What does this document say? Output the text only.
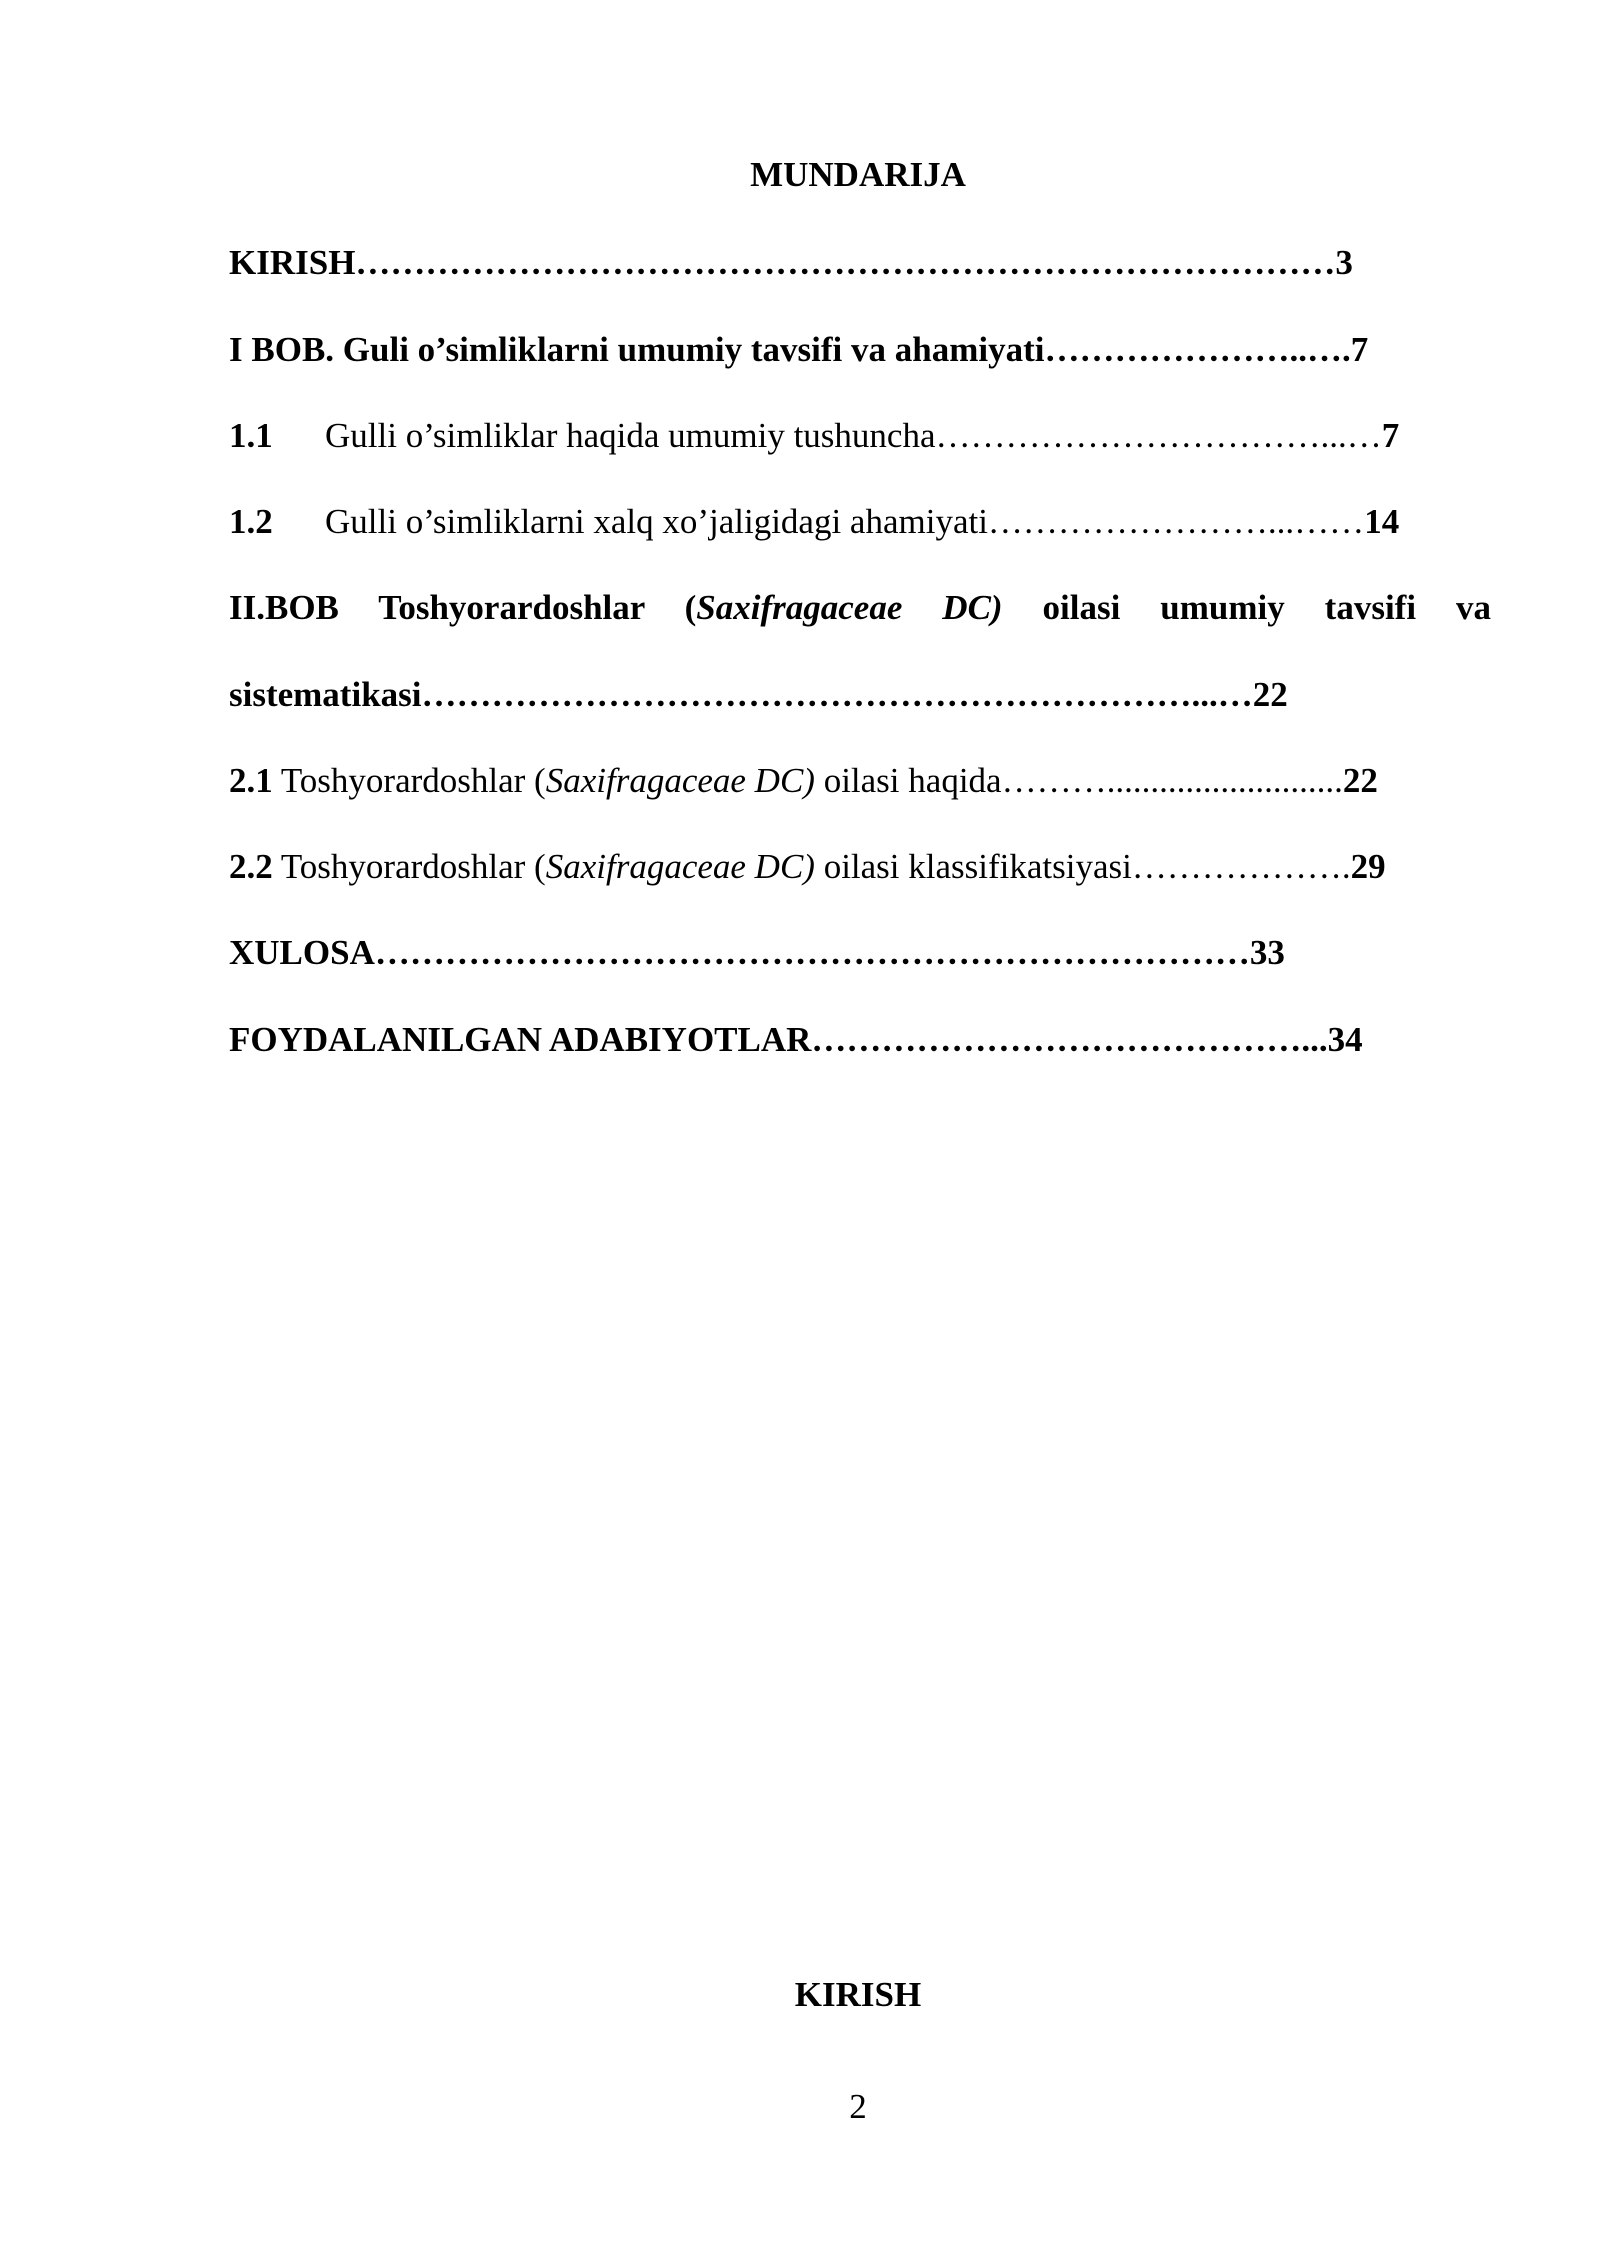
MUNDARIJA
KIRISH…………………………………………………………………………3
I BOB. Guli o’simliklarni umumiy tavsifi va ahamiyati…………………..….7
1.1 Gulli o’simliklar haqida umumiy tushuncha……………………………...…7
1.2 Gulli o’simliklarni xalq xo’jaligidagi ahamiyati……………………...……14
II.BOB Toshyorardoshlar (Saxifragaceae DC) oilasi umumiy tavsifi va
sistematikasi…………………………………………………………...…22
2.1 Toshyorardoshlar (Saxifragaceae DC) oilasi haqida………...........................22
2.2 Toshyorardoshlar (Saxifragaceae DC) oilasi klassifikatsiyasi……………….29
XULOSA…………………………………………………………………33
FOYDALANILGAN ADABIYOTLAR……………………………………...34
KIRISH
2
